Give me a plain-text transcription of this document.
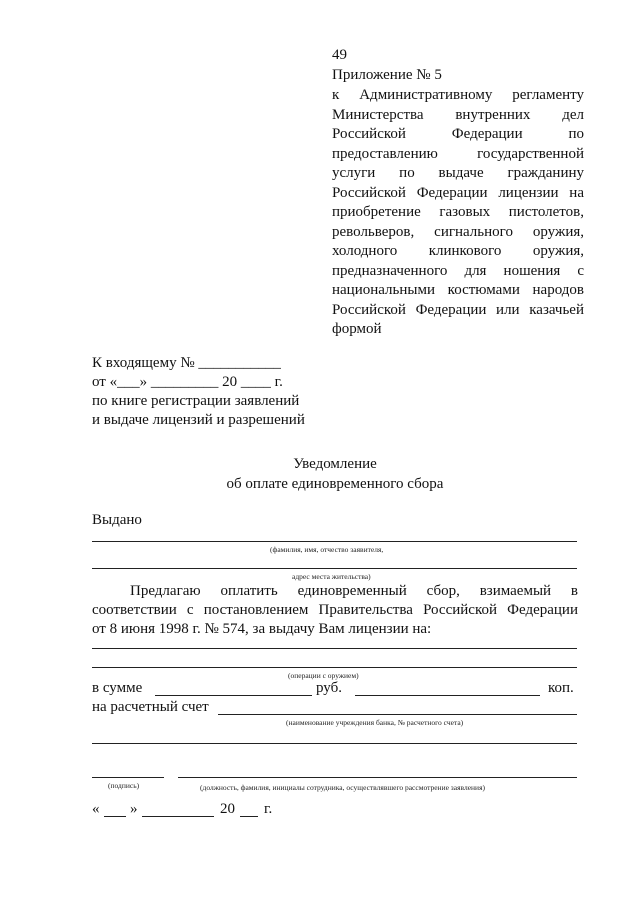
49
Приложение № 5
к Административному регламенту
Министерства внутренних дел
Российской Федерации по
предоставлению государственной
услуги по выдаче гражданину
Российской Федерации лицензии на
приобретение газовых пистолетов,
револьверов, сигнального оружия,
холодного клинкового оружия,
предназначенного для ношения с
национальными костюмами народов
Российской Федерации или казачьей
формой
К входящему № ___________
от «___» _________ 20 ____ г.
по книге регистрации заявлений
и выдаче лицензий и разрешений
Уведомление
об оплате единовременного сбора
Выдано
(фамилия, имя, отчество заявителя,
адрес места жительства)
Предлагаю оплатить единовременный сбор, взимаемый в
соответствии с постановлением Правительства Российской Федерации
от 8 июня 1998 г. № 574, за выдачу Вам лицензии на:
(операции с оружием)
в сумме	руб.	коп.
на расчетный счет
(наименование учреждения банка, № расчетного счета)
(подпись)	(должность, фамилия, инициалы сотрудника, осуществлявшего рассмотрение заявления)
« »	20 г.
